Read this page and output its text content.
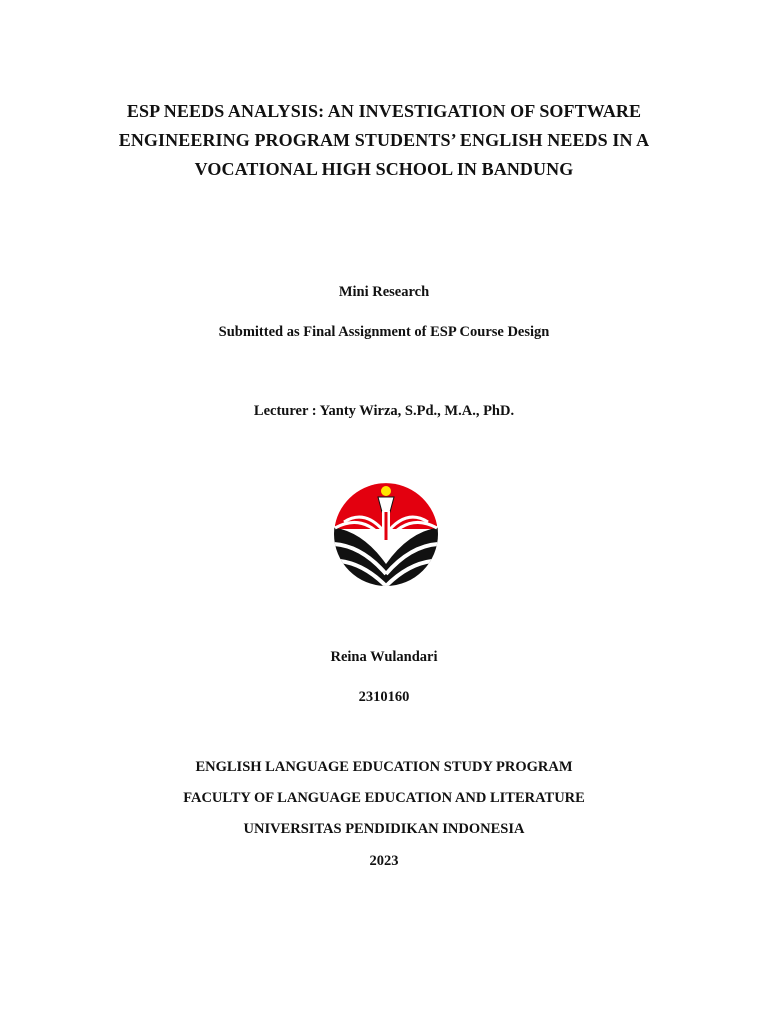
ESP NEEDS ANALYSIS: AN INVESTIGATION OF SOFTWARE
ENGINEERING PROGRAM STUDENTS’ ENGLISH NEEDS IN A
VOCATIONAL HIGH SCHOOL IN BANDUNG

Mini Research

Submitted as Final Assignment of ESP Course Design

Lecturer : Yanty Wirza, S.Pd., M.A., PhD.

Reina Wulandari

2310160

ENGLISH LANGUAGE EDUCATION STUDY PROGRAM

FACULTY OF LANGUAGE EDUCATION AND LITERATURE

UNIVERSITAS PENDIDIKAN INDONESIA

2023
